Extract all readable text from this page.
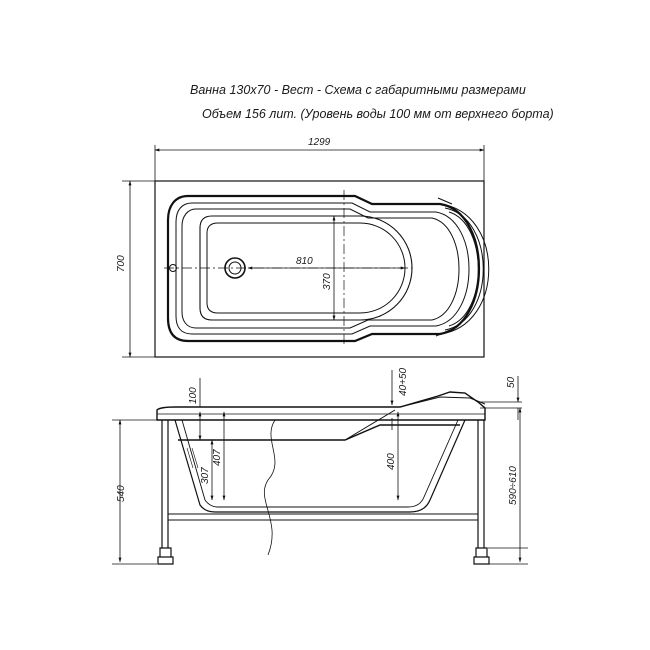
Ванна 130х70 - Вест - Схема с габаритными размерами
Объем 156 лит. (Уровень воды 100 мм от верхнего борта)
1299
700	810
370
100
307
407
40+50
400
50
540	590÷610
